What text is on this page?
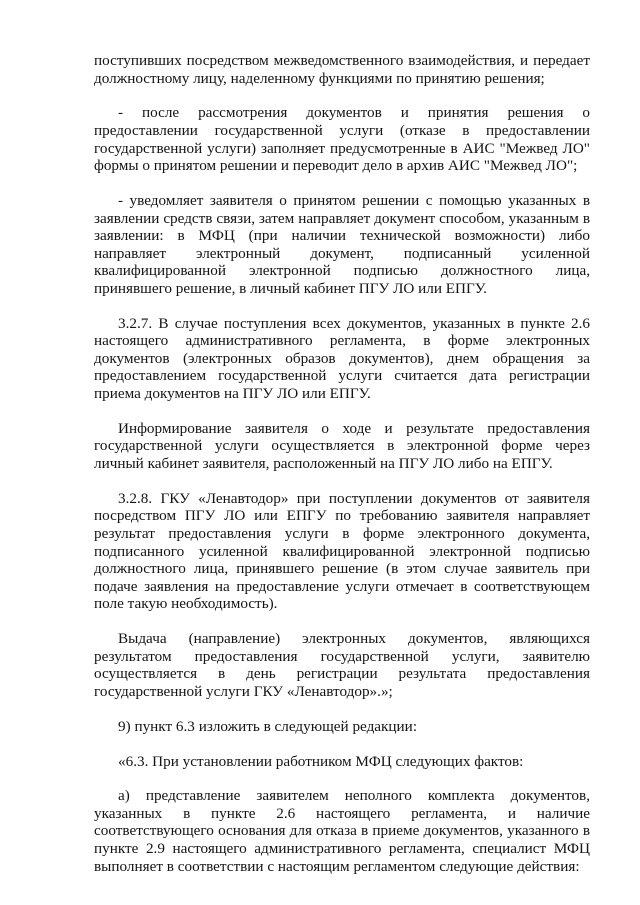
поступивших посредством межведомственного взаимодействия, и передает должностному лицу, наделенному функциями по принятию решения;

- после рассмотрения документов и принятия решения о предоставлении государственной услуги (отказе в предоставлении государственной услуги) заполняет предусмотренные в АИС "Межвед ЛО" формы о принятом решении и переводит дело в архив АИС "Межвед ЛО";

- уведомляет заявителя о принятом решении с помощью указанных в заявлении средств связи, затем направляет документ способом, указанным в заявлении: в МФЦ (при наличии технической возможности) либо направляет электронный документ, подписанный усиленной квалифицированной электронной подписью должностного лица, принявшего решение, в личный кабинет ПГУ ЛО или ЕПГУ.

3.2.7. В случае поступления всех документов, указанных в пункте 2.6 настоящего административного регламента, в форме электронных документов (электронных образов документов), днем обращения за предоставлением государственной услуги считается дата регистрации приема документов на ПГУ ЛО или ЕПГУ.

Информирование заявителя о ходе и результате предоставления государственной услуги осуществляется в электронной форме через личный кабинет заявителя, расположенный на ПГУ ЛО либо на ЕПГУ.

3.2.8. ГКУ «Ленавтодор» при поступлении документов от заявителя посредством ПГУ ЛО или ЕПГУ по требованию заявителя направляет результат предоставления услуги в форме электронного документа, подписанного усиленной квалифицированной электронной подписью должностного лица, принявшего решение (в этом случае заявитель при подаче заявления на предоставление услуги отмечает в соответствующем поле такую необходимость).

Выдача (направление) электронных документов, являющихся результатом предоставления государственной услуги, заявителю осуществляется в день регистрации результата предоставления государственной услуги ГКУ «Ленавтодор».»;

9) пункт 6.3 изложить в следующей редакции:

«6.3. При установлении работником МФЦ следующих фактов:

а) представление заявителем неполного комплекта документов, указанных в пункте 2.6 настоящего регламента, и наличие соответствующего основания для отказа в приеме документов, указанного в пункте 2.9 настоящего административного регламента, специалист МФЦ выполняет в соответствии с настоящим регламентом следующие действия:
